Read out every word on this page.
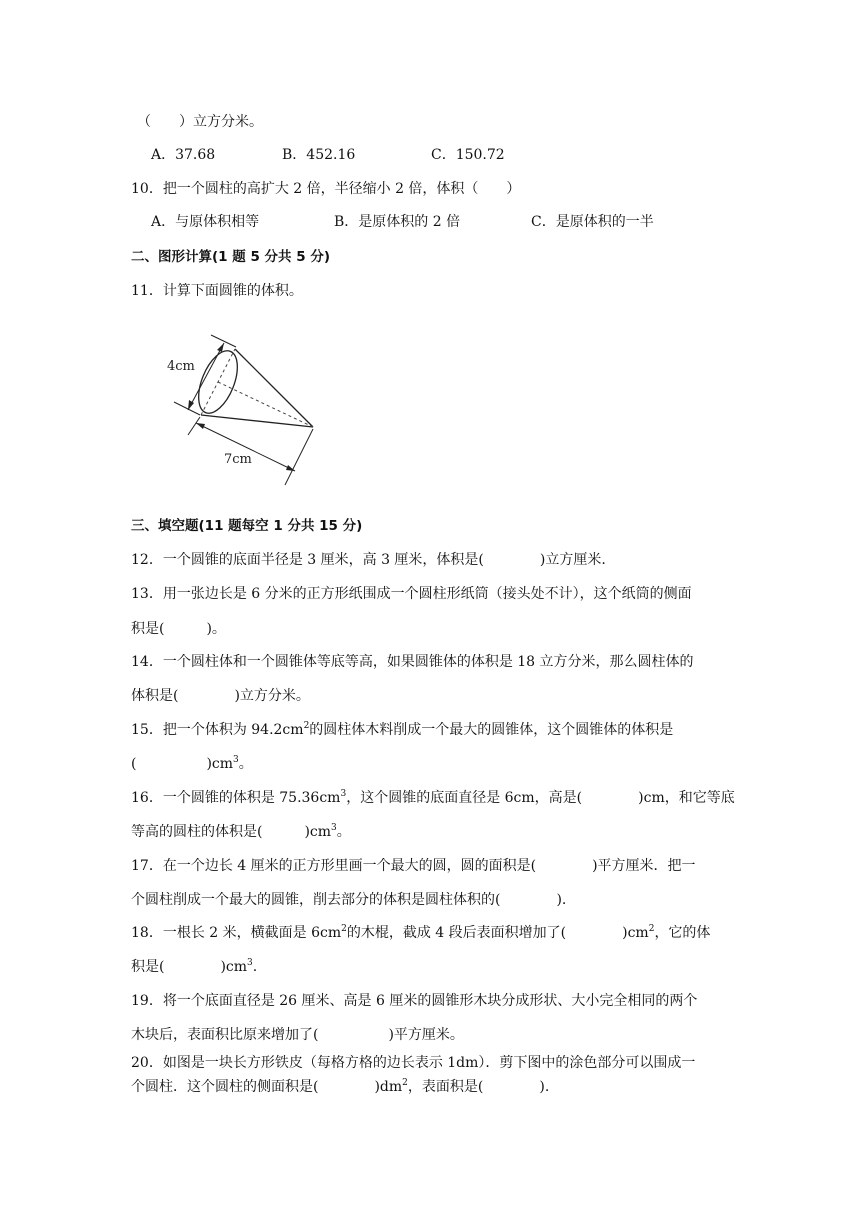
（　　）立方分米。
A．37.68	B．452.16	C．150.72
10．把一个圆柱的高扩大 2 倍，半径缩小 2 倍，体积（　　）
A．与原体积相等	B．是原体积的 2 倍	C．是原体积的一半
二、图形计算(1 题 5 分共 5 分)
11．计算下面圆锥的体积。
4cm
7cm
三、填空题(11 题每空 1 分共 15 分)
12．一个圆锥的底面半径是 3 厘米，高 3 厘米，体积是(　　　　)立方厘米.
13．用一张边长是 6 分米的正方形纸围成一个圆柱形纸筒（接头处不计），这个纸筒的侧面
积是(　　　)。
14．一个圆柱体和一个圆锥体等底等高，如果圆锥体的体积是 18 立方分米，那么圆柱体的
体积是(　　　　)立方分米。
15．把一个体积为 $94.2cm^2$的圆柱体木料削成一个最大的圆锥体，这个圆锥体的体积是
(　　　　　)$cm^3$。
16．一个圆锥的体积是 $75.36cm^3$，这个圆锥的底面直径是 6cm，高是(　　　　)cm，和它等底
等高的圆柱的体积是(　　　)$cm^3$。
17．在一个边长 4 厘米的正方形里画一个最大的圆，圆的面积是(　　　　)平方厘米．把一
个圆柱削成一个最大的圆锥，削去部分的体积是圆柱体积的(　　　　).
18．一根长 2 米，横截面是 $6cm^2$的木棍，截成 4 段后表面积增加了(　　　　)$cm^2$，它的体
积是(　　　　)$cm^3$.
19．将一个底面直径是 26 厘米、高是 6 厘米的圆锥形木块分成形状、大小完全相同的两个
木块后，表面积比原来增加了(　　　　　)平方厘米。
20．如图是一块长方形铁皮（每格方格的边长表示 1dm）．剪下图中的涂色部分可以围成一
个圆柱．这个圆柱的侧面积是(　　　　)$dm^2$，表面积是(　　　　).
